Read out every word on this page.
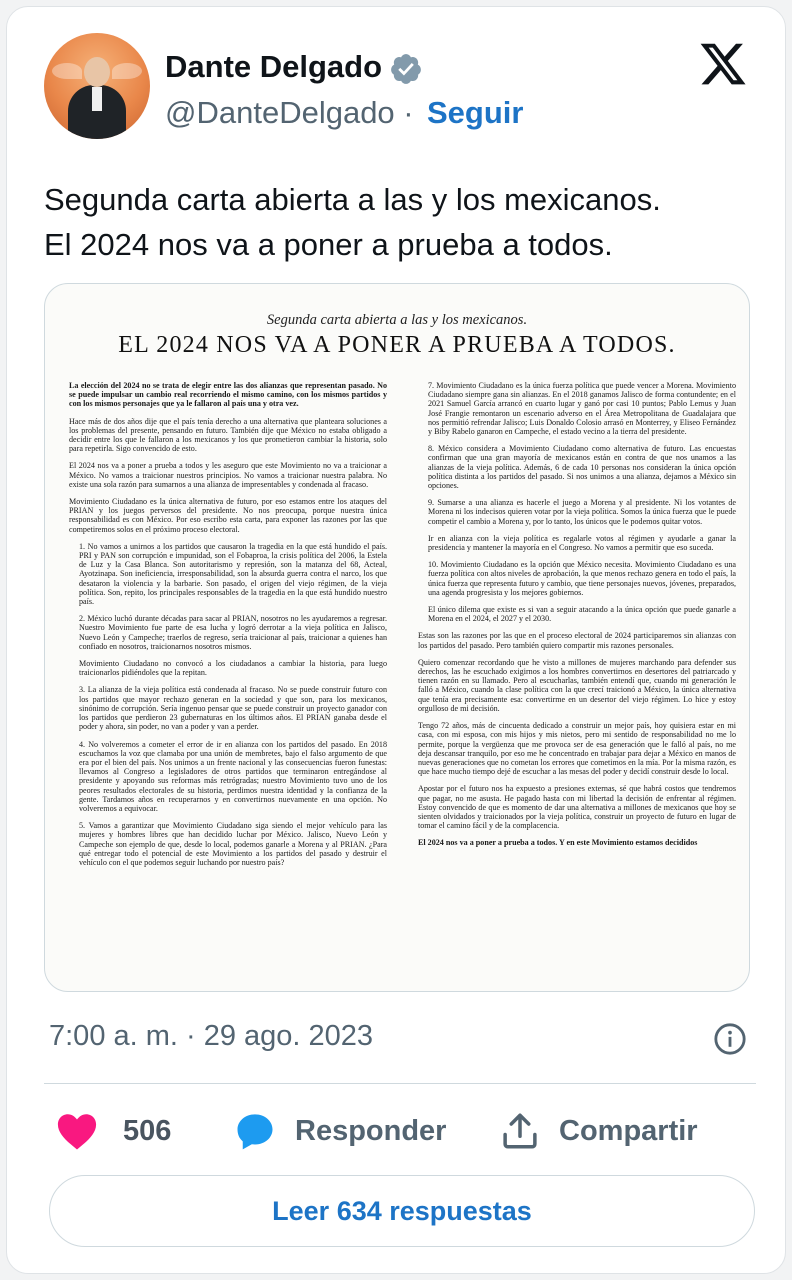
Dante Delgado
@DanteDelgado · Seguir
Segunda carta abierta a las y los mexicanos.
El 2024 nos va a poner a prueba a todos.
Segunda carta abierta a las y los mexicanos.
EL 2024 NOS VA A PONER A PRUEBA A TODOS.
La elección del 2024 no se trata de elegir entre las dos alianzas que representan pasado. No se puede impulsar un cambio real recorriendo el mismo camino, con los mismos partidos y con los mismos personajes que ya le fallaron al país una y otra vez.
Hace más de dos años dije que el país tenía derecho a una alternativa que planteara soluciones a los problemas del presente, pensando en futuro. También dije que México no estaba obligado a decidir entre los que le fallaron a los mexicanos y los que prometieron cambiar la historia, solo para repetirla. Sigo convencido de esto.
El 2024 nos va a poner a prueba a todos y les aseguro que este Movimiento no va a traicionar a México. No vamos a traicionar nuestros principios. No vamos a traicionar nuestra palabra. No existe una sola razón para sumarnos a una alianza de impresentables y condenada al fracaso.
Movimiento Ciudadano es la única alternativa de futuro, por eso estamos entre los ataques del PRIAN y los juegos perversos del presidente. No nos preocupa, porque nuestra única responsabilidad es con México. Por eso escribo esta carta, para exponer las razones por las que competiremos solos en el próximo proceso electoral.
1. No vamos a unirnos a los partidos que causaron la tragedia en la que está hundido el país. PRI y PAN son corrupción e impunidad, son el Fobaproa, la crisis política del 2006, la Estela de Luz y la Casa Blanca. Son autoritarismo y represión, son la matanza del 68, Acteal, Ayotzinapa. Son ineficiencia, irresponsabilidad, son la absurda guerra contra el narco, los que desataron la violencia y la barbarie. Son pasado, el origen del viejo régimen, de la vieja política. Son, repito, los principales responsables de la tragedia en la que está hundido nuestro país.
2. México luchó durante décadas para sacar al PRIAN, nosotros no les ayudaremos a regresar. Nuestro Movimiento fue parte de esa lucha y logró derrotar a la vieja política en Jalisco, Nuevo León y Campeche; traerlos de regreso, sería traicionar al país, traicionar a quienes han confiado en nosotros, traicionarnos nosotros mismos.
Movimiento Ciudadano no convocó a los ciudadanos a cambiar la historia, para luego traicionarlos pidiéndoles que la repitan.
3. La alianza de la vieja política está condenada al fracaso. No se puede construir futuro con los partidos que mayor rechazo generan en la sociedad y que son, para los mexicanos, sinónimo de corrupción. Sería ingenuo pensar que se puede construir un proyecto ganador con los partidos que perdieron 23 gubernaturas en los últimos años. El PRIAN ganaba desde el poder y ahora, sin poder, no van a poder y van a perder.
4. No volveremos a cometer el error de ir en alianza con los partidos del pasado. En 2018 escuchamos la voz que clamaba por una unión de membretes, bajo el falso argumento de que era por el bien del país. Nos unimos a un frente nacional y las consecuencias fueron funestas: llevamos al Congreso a legisladores de otros partidos que terminaron entregándose al presidente y apoyando sus reformas más retrógradas; nuestro Movimiento tuvo uno de los peores resultados electorales de su historia, perdimos nuestra identidad y la confianza de la gente. Tardamos años en recuperarnos y en convertirnos nuevamente en una opción. No volveremos a equivocar.
5. Vamos a garantizar que Movimiento Ciudadano siga siendo el mejor vehículo para las mujeres y hombres libres que han decidido luchar por México. Jalisco, Nuevo León y Campeche son ejemplo de que, desde lo local, podemos ganarle a Morena y al PRIAN. ¿Para qué entregar todo el potencial de este Movimiento a los partidos del pasado y destruir el vehículo con el que podemos seguir luchando por nuestro país?
7. Movimiento Ciudadano es la única fuerza política que puede vencer a Morena. Movimiento Ciudadano siempre gana sin alianzas. En el 2018 ganamos Jalisco de forma contundente; en el 2021 Samuel García arrancó en cuarto lugar y ganó por casi 10 puntos; Pablo Lemus y Juan José Frangie remontaron un escenario adverso en el Área Metropolitana de Guadalajara que nos permitió refrendar Jalisco; Luis Donaldo Colosio arrasó en Monterrey, y Eliseo Fernández y Biby Rabelo ganaron en Campeche, el estado vecino a la tierra del presidente.
8. México considera a Movimiento Ciudadano como alternativa de futuro. Las encuestas confirman que una gran mayoría de mexicanos están en contra de que nos unamos a las alianzas de la vieja política. Además, 6 de cada 10 personas nos consideran la única opción política distinta a los partidos del pasado. Si nos unimos a una alianza, dejamos a México sin opciones.
9. Sumarse a una alianza es hacerle el juego a Morena y al presidente. Ni los votantes de Morena ni los indecisos quieren votar por la vieja política. Somos la única fuerza que le puede competir el cambio a Morena y, por lo tanto, los únicos que le podemos quitar votos.
Ir en alianza con la vieja política es regalarle votos al régimen y ayudarle a ganar la presidencia y mantener la mayoría en el Congreso. No vamos a permitir que eso suceda.
10. Movimiento Ciudadano es la opción que México necesita. Movimiento Ciudadano es una fuerza política con altos niveles de aprobación, la que menos rechazo genera en todo el país, la única fuerza que representa futuro y cambio, que tiene personajes nuevos, jóvenes, preparados, una agenda progresista y los mejores gobiernos.
El único dilema que existe es si van a seguir atacando a la única opción que puede ganarle a Morena en el 2024, el 2027 y el 2030.
Estas son las razones por las que en el proceso electoral de 2024 participaremos sin alianzas con los partidos del pasado. Pero también quiero compartir mis razones personales.
Quiero comenzar recordando que he visto a millones de mujeres marchando para defender sus derechos, las he escuchado exigirnos a los hombres convertirnos en desertores del patriarcado y tienen razón en su llamado. Pero al escucharlas, también entendí que, cuando mi generación le falló a México, cuando la clase política con la que crecí traicionó a México, la única alternativa que tenía era precisamente esa: convertirme en un desertor del viejo régimen. Lo hice y estoy orgulloso de mi decisión.
Tengo 72 años, más de cincuenta dedicado a construir un mejor país, hoy quisiera estar en mi casa, con mi esposa, con mis hijos y mis nietos, pero mi sentido de responsabilidad no me lo permite, porque la vergüenza que me provoca ser de esa generación que le falló al país, no me deja descansar tranquilo, por eso me he concentrado en trabajar para dejar a México en manos de nuevas generaciones que no cometan los errores que cometimos en la mía. Por la misma razón, es que hace mucho tiempo dejé de escuchar a las mesas del poder y decidí construir desde lo local.
Apostar por el futuro nos ha expuesto a presiones externas, sé que habrá costos que tendremos que pagar, no me asusta. He pagado hasta con mi libertad la decisión de enfrentar al régimen. Estoy convencido de que es momento de dar una alternativa a millones de mexicanos que hoy se sienten olvidados y traicionados por la vieja política, construir un proyecto de futuro en lugar de tomar el camino fácil y de la complacencia.
El 2024 nos va a poner a prueba a todos. Y en este Movimiento estamos decididos
7:00 a. m. · 29 ago. 2023
506	Responder	Compartir
Leer 634 respuestas
